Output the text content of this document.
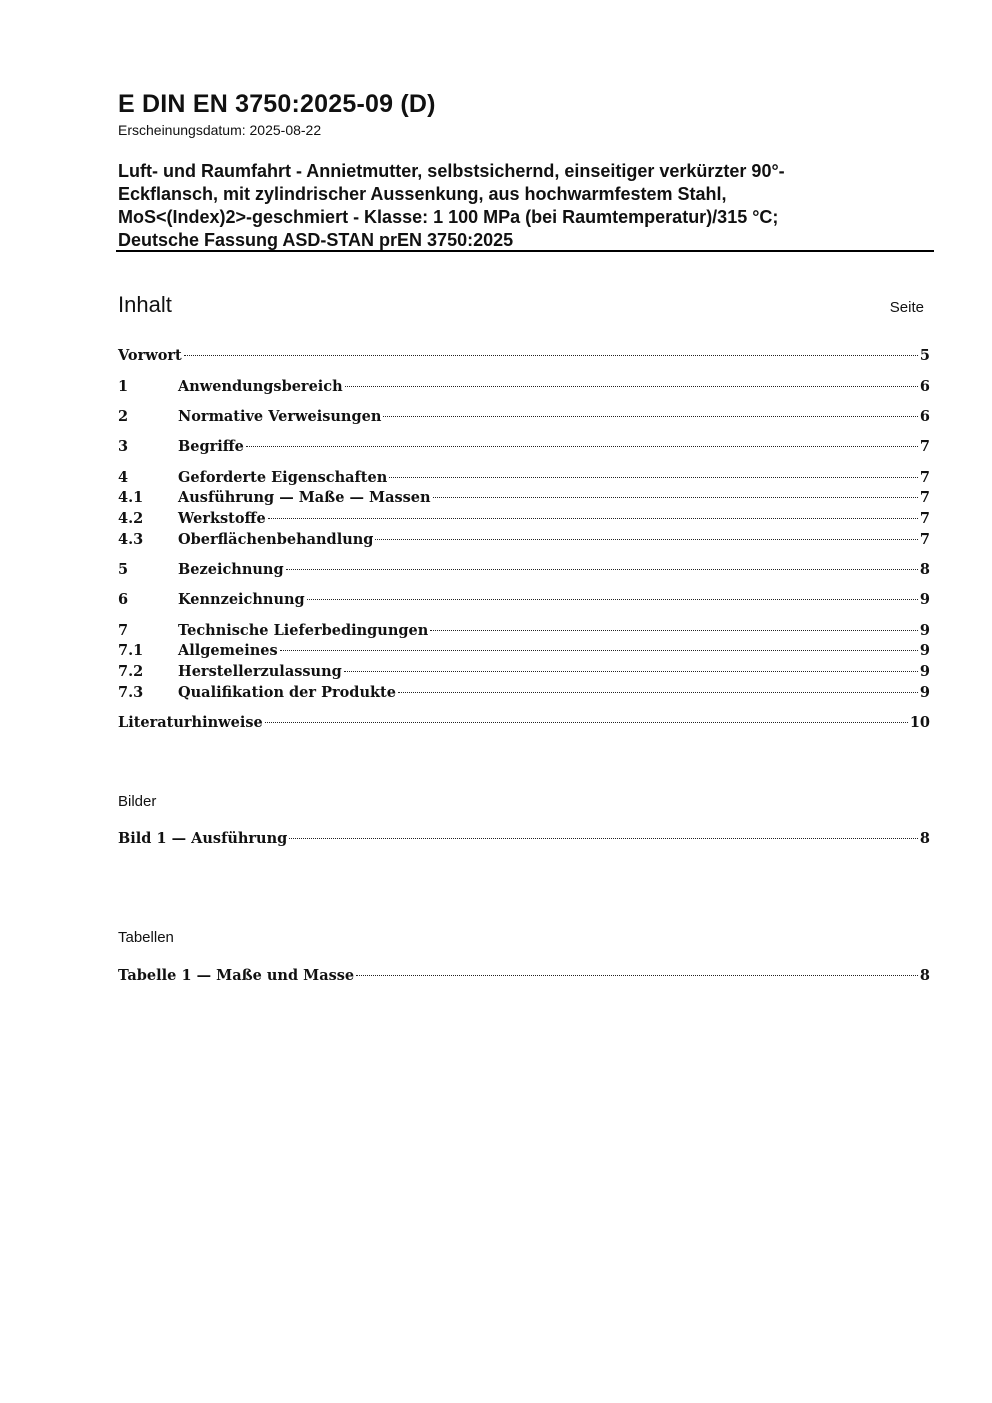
E DIN EN 3750:2025-09 (D)
Erscheinungsdatum: 2025-08-22
Luft- und Raumfahrt - Annietmutter, selbstsichernd, einseitiger verkürzter 90°-
Eckflansch, mit zylindrischer Aussenkung, aus hochwarmfestem Stahl,
MoS<(Index)2>-geschmiert - Klasse: 1 100 MPa (bei Raumtemperatur)/315 °C;
Deutsche Fassung ASD-STAN prEN 3750:2025
Inhalt	Seite
Vorwort	5
1	Anwendungsbereich	6
2	Normative Verweisungen	6
3	Begriffe	7
4	Geforderte Eigenschaften	7
4.1	Ausführung — Maße — Massen	7
4.2	Werkstoffe	7
4.3	Oberflächenbehandlung	7
5	Bezeichnung	8
6	Kennzeichnung	9
7	Technische Lieferbedingungen	9
7.1	Allgemeines	9
7.2	Herstellerzulassung	9
7.3	Qualifikation der Produkte	9
Literaturhinweise	10
Bilder
Bild 1 — Ausführung	8
Tabellen
Tabelle 1 — Maße und Masse	8
